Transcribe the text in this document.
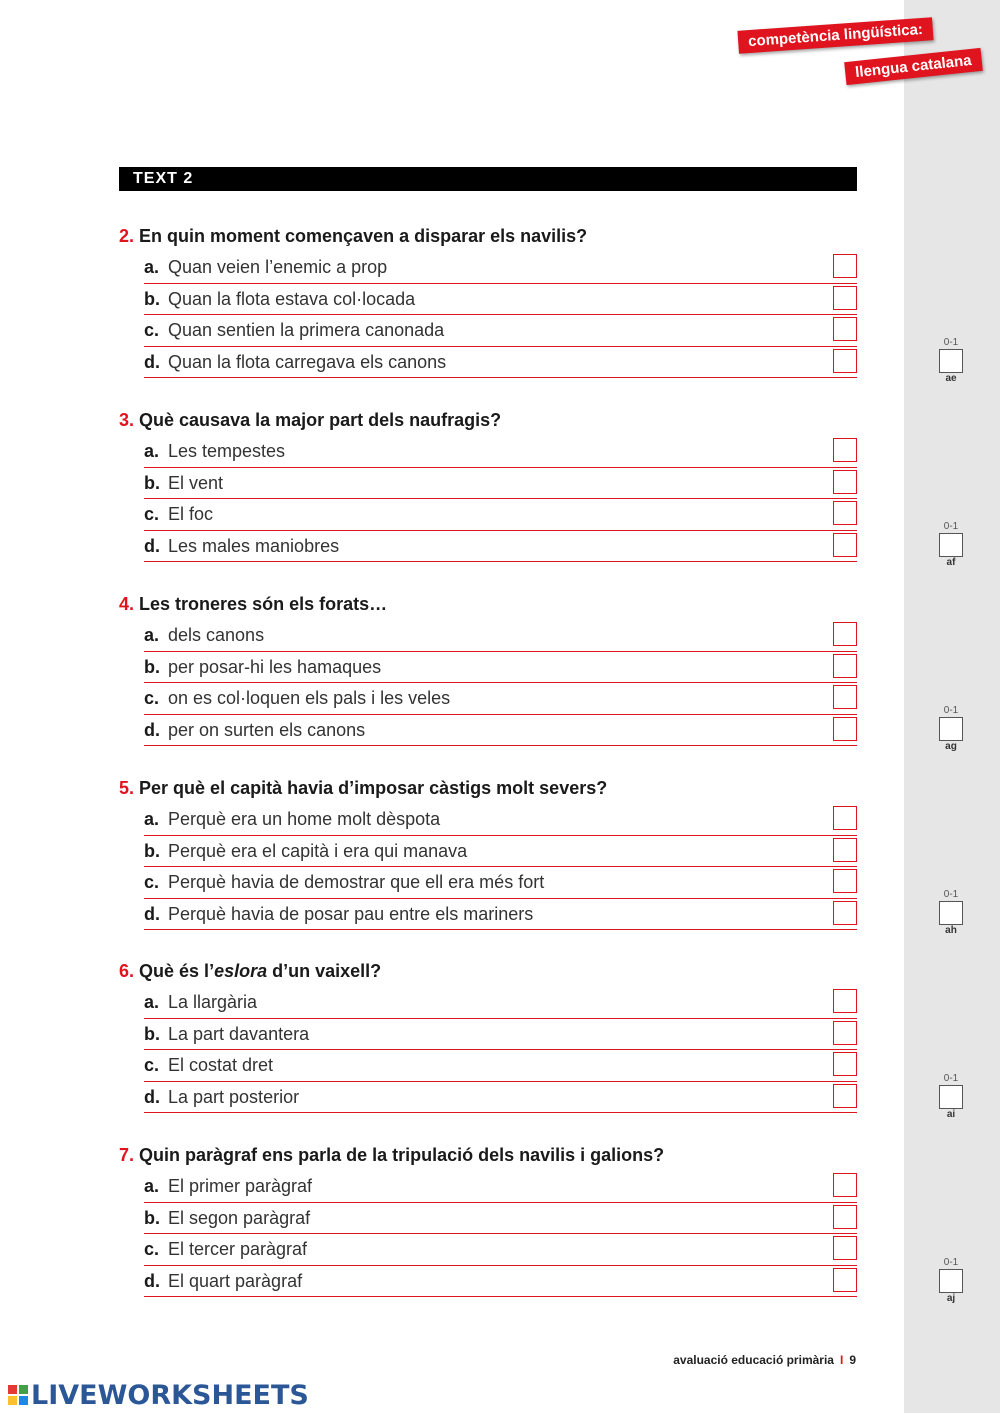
competència lingüística:
llengua catalana
TEXT 2
2. En quin moment començaven a disparar els navilis?
a. Quan veien l’enemic a prop
b. Quan la flota estava col·locada
c. Quan sentien la primera canonada
d. Quan la flota carregava els canons
0-1
ae
3. Què causava la major part dels naufragis?
a. Les tempestes
b. El vent
c. El foc
d. Les males maniobres
0-1
af
4. Les troneres són els forats…
a. dels canons
b. per posar-hi les hamaques
c. on es col·loquen els pals i les veles
d. per on surten els canons
0-1
ag
5. Per què el capità havia d’imposar càstigs molt severs?
a. Perquè era un home molt dèspota
b. Perquè era el capità i era qui manava
c. Perquè havia de demostrar que ell era més fort
d. Perquè havia de posar pau entre els mariners
0-1
ah
6. Què és l’eslora d’un vaixell?
a. La llargària
b. La part davantera
c. El costat dret
d. La part posterior
0-1
ai
7. Quin paràgraf ens parla de la tripulació dels navilis i galions?
a. El primer paràgraf
b. El segon paràgraf
c. El tercer paràgraf
d. El quart paràgraf
0-1
aj
avaluació educació primària I 9
LIVEWORKSHEETS
